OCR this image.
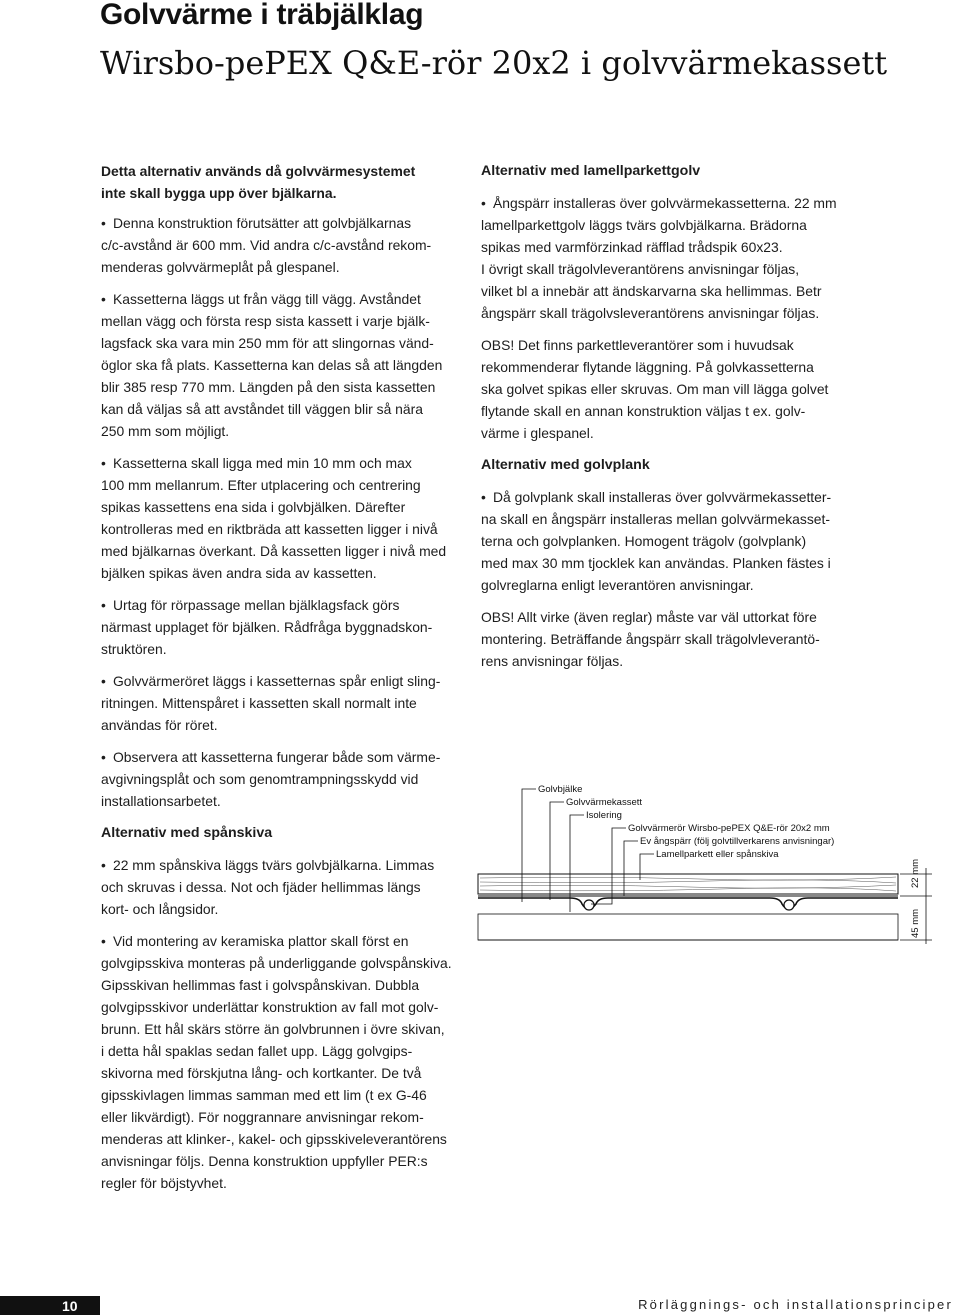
Golvvärme i träbjälklag
Wirsbo-pePEX Q&E-rör 20x2 i golvvärmekassett

Detta alternativ används då golvvärmesystemet
inte skall bygga upp över bjälkarna.

• Denna konstruktion förutsätter att golvbjälkarnas
c/c-avstånd är 600 mm. Vid andra c/c-avstånd rekom-
menderas golvvärmeplåt på glespanel.

• Kassetterna läggs ut från vägg till vägg. Avståndet
mellan vägg och första resp sista kassett i varje bjälk-
lagsfack ska vara min 250 mm för att slingornas vänd-
öglor ska få plats. Kassetterna kan delas så att längden
blir 385 resp 770 mm. Längden på den sista kassetten
kan då väljas så att avståndet till väggen blir så nära
250 mm som möjligt.

• Kassetterna skall ligga med min 10 mm och max
100 mm mellanrum. Efter utplacering och centrering
spikas kassettens ena sida i golvbjälken. Därefter
kontrolleras med en riktbräda att kassetten ligger i nivå
med bjälkarnas överkant. Då kassetten ligger i nivå med
bjälken spikas även andra sida av kassetten.

• Urtag för rörpassage mellan bjälklagsfack görs
närmast upplaget för bjälken. Rådfråga byggnadskon-
struktören.

• Golvvärmeröret läggs i kassetternas spår enligt sling-
ritningen. Mittenspåret i kassetten skall normalt inte
användas för röret.

• Observera att kassetterna fungerar både som värme-
avgivningsplåt och som genomtrampningsskydd vid
installationsarbetet.

Alternativ med spånskiva

• 22 mm spånskiva läggs tvärs golvbjälkarna. Limmas
och skruvas i dessa. Not och fjäder hellimmas längs
kort- och långsidor.

• Vid montering av keramiska plattor skall först en
golvgipsskiva monteras på underliggande golvspånskiva.
Gipsskivan hellimmas fast i golvspånskivan. Dubbla
golvgipsskivor underlättar konstruktion av fall mot golv-
brunn. Ett hål skärs större än golvbrunnen i övre skivan,
i detta hål spaklas sedan fallet upp. Lägg golvgips-
skivorna med förskjutna lång- och kortkanter. De två
gipsskivlagen limmas samman med ett lim (t ex G-46
eller likvärdigt). För noggrannare anvisningar rekom-
menderas att klinker-, kakel- och gipsskiveleverantörens
anvisningar följs. Denna konstruktion uppfyller PER:s
regler för böjstyvhet.

Alternativ med lamellparkettgolv

• Ångspärr installeras över golvvärmekassetterna. 22 mm
lamellparkettgolv läggs tvärs golvbjälkarna. Brädorna
spikas med varmförzinkad räfflad trådspik 60x23.
I övrigt skall trägolvleverantörens anvisningar följas,
vilket bl a innebär att ändskarvarna ska hellimmas. Betr
ångspärr skall trägolvsleverantörens anvisningar följas.

OBS! Det finns parkettleverantörer som i huvudsak
rekommenderar flytande läggning. På golvkassetterna
ska golvet spikas eller skruvas. Om man vill lägga golvet
flytande skall en annan konstruktion väljas t ex. golv-
värme i glespanel.

Alternativ med golvplank

• Då golvplank skall installeras över golvvärmekassetter-
na skall en ångspärr installeras mellan golvvärmekasset-
terna och golvplanken. Homogent trägolv (golvplank)
med max 30 mm tjocklek kan användas. Planken fästes i
golvreglarna enligt leverantören anvisningar.

OBS! Allt virke (även reglar) måste var väl uttorkat före
montering. Beträffande ångspärr skall trägolvleverantö-
rens anvisningar följas.

Golvbjälke
Golvvärmekassett
Isolering
Golvvärmerör Wirsbo-pePEX Q&E-rör 20x2 mm
Ev ångspärr (följ golvtillverkarens anvisningar)
Lamellparkett eller spånskiva
22 mm
45 mm
10	Rörläggnings- och installationsprinciper
